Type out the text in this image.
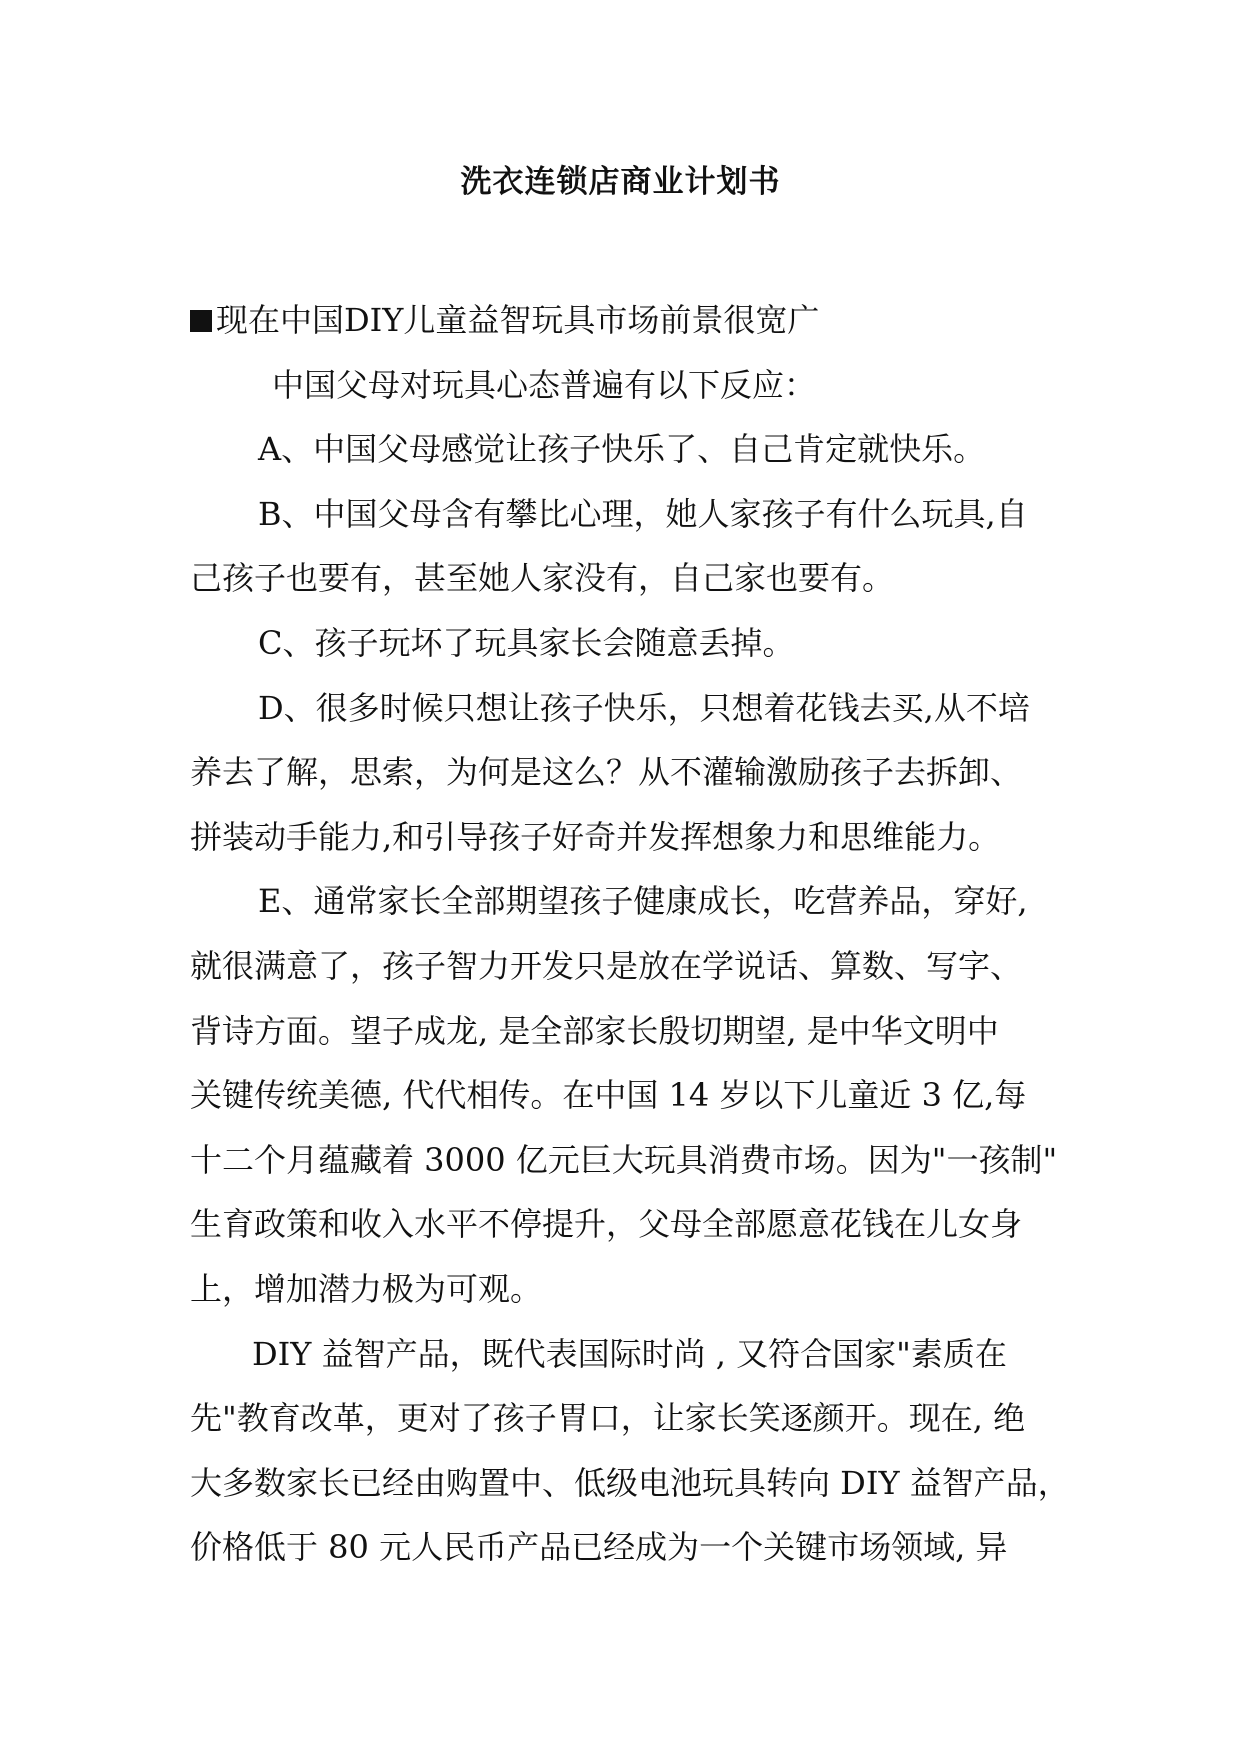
洗衣连锁店商业计划书

现在中国DIY儿童益智玩具市场前景很宽广

中国父母对玩具心态普遍有以下反应：

A、中国父母感觉让孩子快乐了、自己肯定就快乐。

B、中国父母含有攀比心理，她人家孩子有什么玩具,自

己孩子也要有，甚至她人家没有，自己家也要有。

C、孩子玩坏了玩具家长会随意丢掉。

D、很多时候只想让孩子快乐，只想着花钱去买,从不培

养去了解，思索，为何是这么？从不灌输激励孩子去拆卸、

拼装动手能力,和引导孩子好奇并发挥想象力和思维能力。

E、通常家长全部期望孩子健康成长，吃营养品，穿好,

就很满意了，孩子智力开发只是放在学说话、算数、写字、

背诗方面。望子成龙, 是全部家长殷切期望, 是中华文明中

关键传统美德, 代代相传。在中国 14 岁以下儿童近 3 亿,每

十二个月蕴藏着 3000 亿元巨大玩具消费市场。因为"一孩制"

生育政策和收入水平不停提升，父母全部愿意花钱在儿女身

上，增加潜力极为可观。

DIY 益智产品，既代表国际时尚 , 又符合国家"素质在

先"教育改革，更对了孩子胃口，让家长笑逐颜开。现在, 绝

大多数家长已经由购置中、低级电池玩具转向 DIY 益智产品，

价格低于 80 元人民币产品已经成为一个关键市场领域, 异
